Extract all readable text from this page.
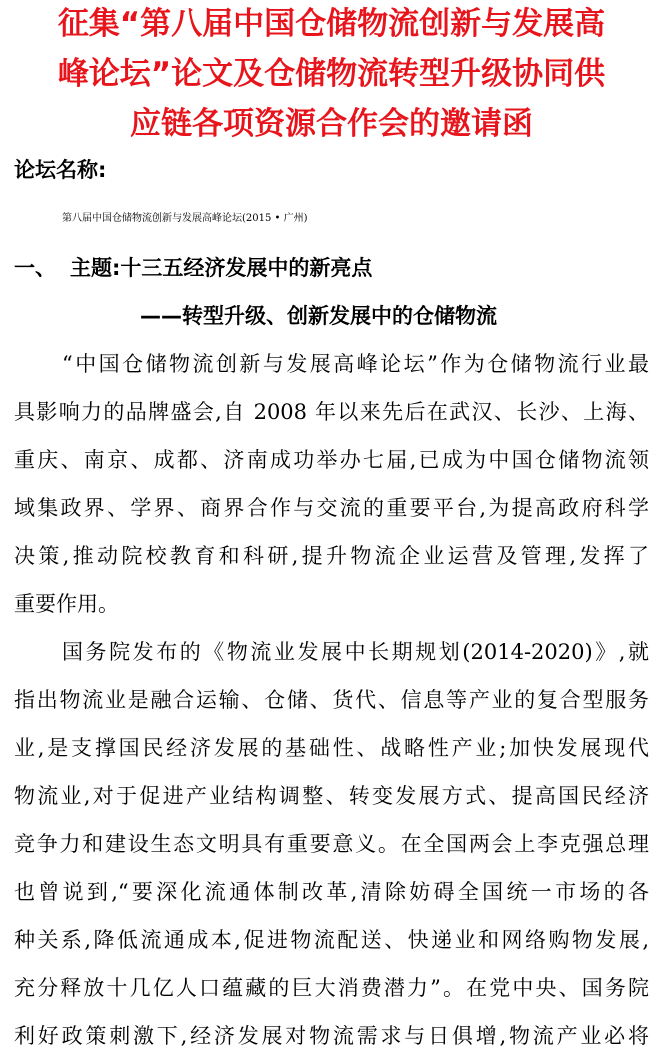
征集“第八届中国仓储物流创新与发展高
峰论坛”论文及仓储物流转型升级协同供
应链各项资源合作会的邀请函
论坛名称:
第八届中国仓储物流创新与发展高峰论坛(2015 • 广州)
一、 主题:十三五经济发展中的新亮点
——转型升级、创新发展中的仓储物流
“中国仓储物流创新与发展高峰论坛”作为仓储物流行业最
具影响力的品牌盛会,自 2008 年以来先后在武汉、长沙、上海、
重庆、南京、成都、济南成功举办七届,已成为中国仓储物流领
域集政界、学界、商界合作与交流的重要平台,为提高政府科学
决策,推动院校教育和科研,提升物流企业运营及管理,发挥了
重要作用。
国务院发布的《物流业发展中长期规划(2014-2020)》,就
指出物流业是融合运输、仓储、货代、信息等产业的复合型服务
业,是支撑国民经济发展的基础性、战略性产业;加快发展现代
物流业,对于促进产业结构调整、转变发展方式、提高国民经济
竞争力和建设生态文明具有重要意义。在全国两会上李克强总理
也曾说到,“要深化流通体制改革,清除妨碍全国统一市场的各
种关系,降低流通成本,促进物流配送、快递业和网络购物发展,
充分释放十几亿人口蕴藏的巨大消费潜力”。在党中央、国务院
利好政策刺激下,经济发展对物流需求与日俱增,物流产业必将
